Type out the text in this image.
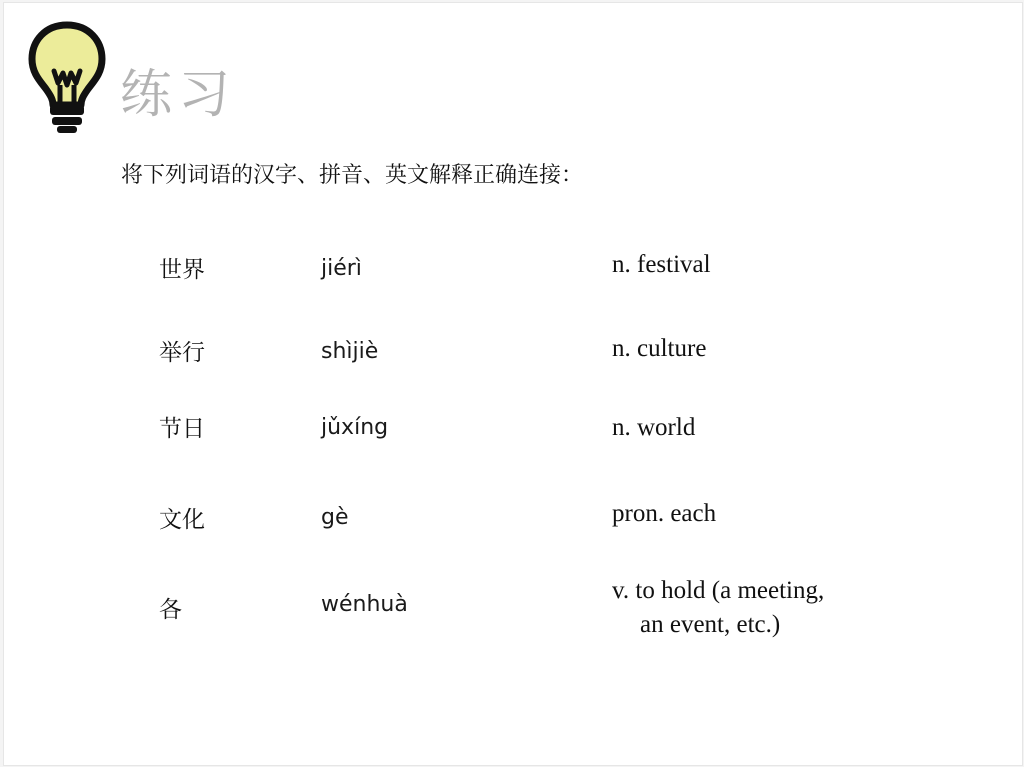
练习
将下列词语的汉字、拼音、英文解释正确连接：
世界
举行
节日
文化
各
jiérì
shìjiè
jǔxíng
gè
wénhuà
n. festival
n. culture
n. world
pron. each
v. to hold (a meeting,
an event, etc.)
